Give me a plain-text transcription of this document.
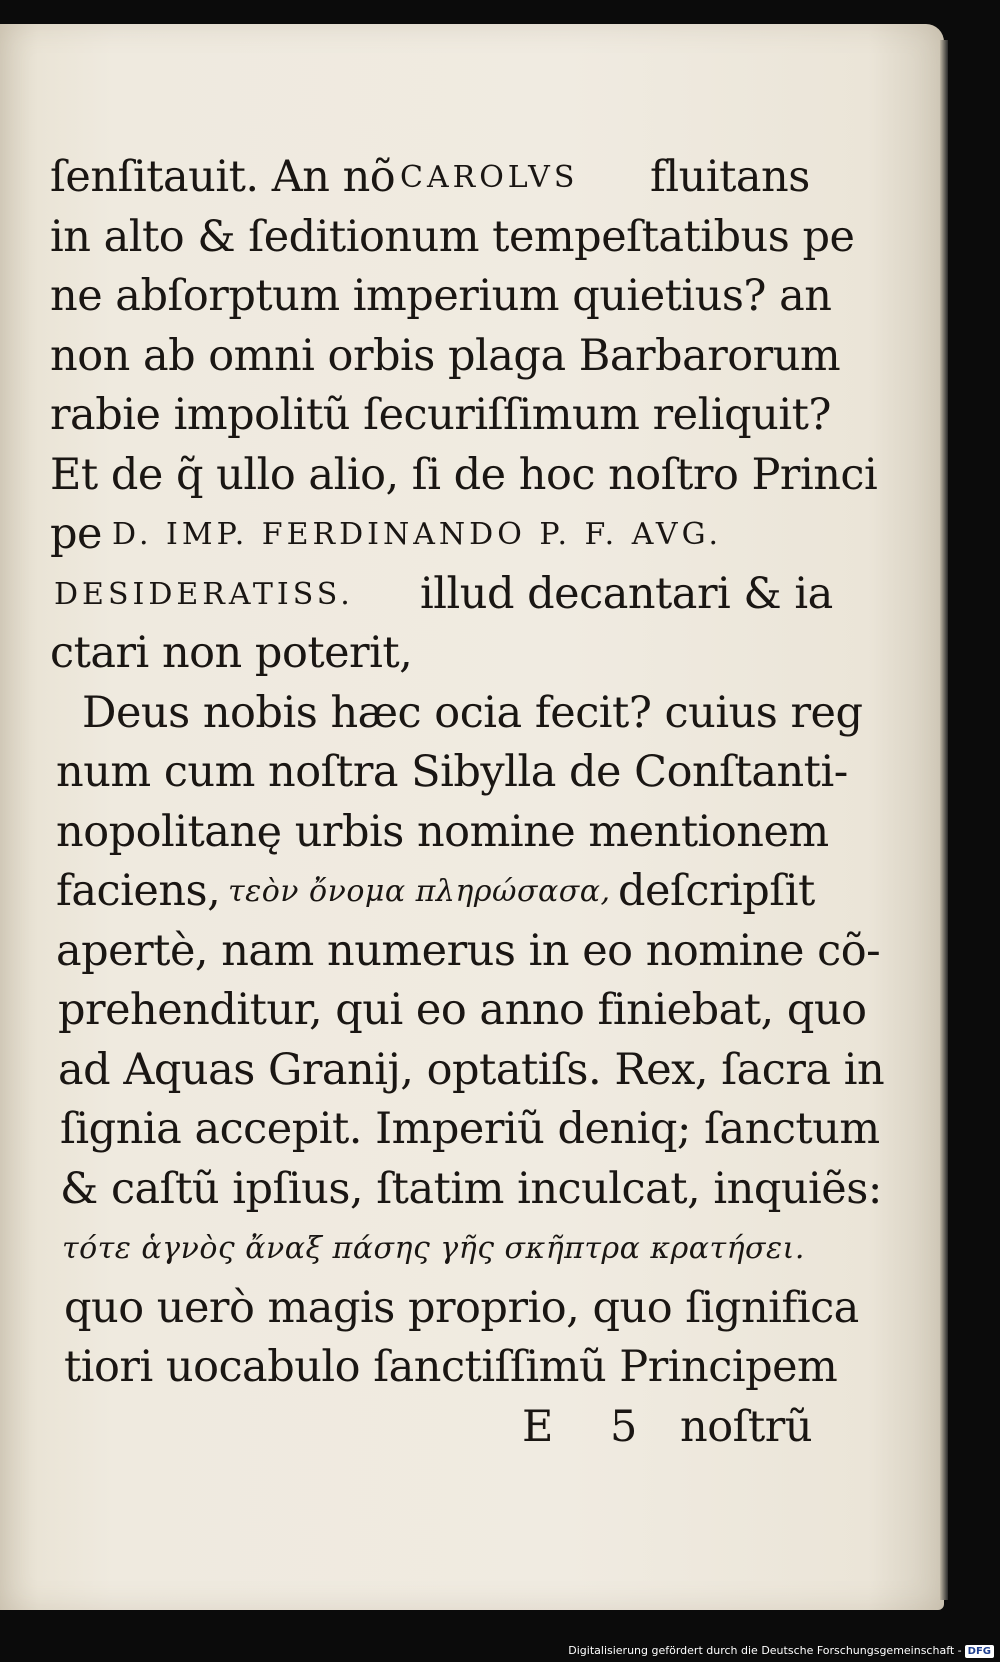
ſenſitauit. An nõ CAROLVS fluitans
in alto & ſeditionum tempeſtatibus pe
ne abſorptum imperium quietius? an
non ab omni orbis plaga Barbarorum
rabie impolitũ ſecuriſſimum reliquit?
Et de q̃ ullo alio, ſi de hoc noſtro Princi
pe D. IMP. FERDINANDO P. F. AVG.
DESIDERATISS. illud decantari & ia
ctari non poterit,
Deus nobis hæc ocia fecit? cuius reg
num cum noſtra Sibylla de Conſtanti-
nopolitanę urbis nomine mentionem
faciens, τεὸν ὄνομα πληρώσασα, deſcripſit
apertè, nam numerus in eo nomine cõ-
prehenditur, qui eo anno finiebat, quo
ad Aquas Granij, optatiſs. Rex, ſacra in
ſignia accepit. Imperiũ deniq; ſanctum
& caſtũ ipſius, ſtatim inculcat, inquiẽs:
τότε ἁγνὸς ἄναξ πάσης γῆς σκῆπτρα κρατήσει.
quo uerò magis proprio, quo ſignifica
tiori uocabulo ſanctiſſimũ Principem
E 5 noſtrũ
Digitalisierung gefördert durch die Deutsche Forschungsgemeinschaft - DFG
